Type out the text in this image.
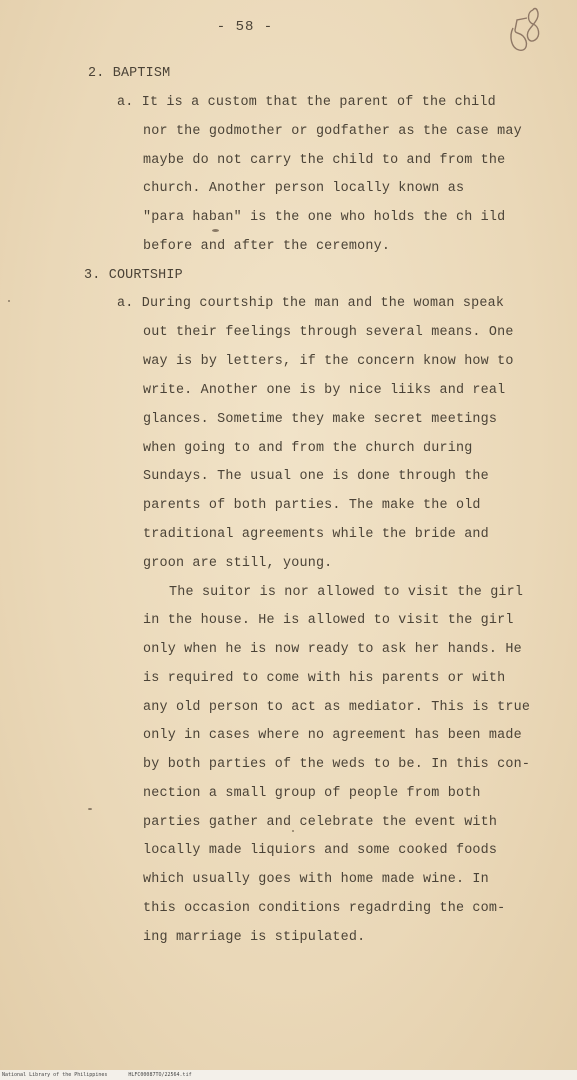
- 58 -
2. BAPTISM
a. It is a custom that the parent of the child
nor the godmother or godfather as the case may
maybe do not carry the child to and from the
church. Another person locally known as
"para haban" is the one who holds the ch ild
before and after the ceremony.
3. COURTSHIP
a. During courtship the man and the woman speak
out their feelings through several means. One
way is by letters, if the concern know how to
write. Another one is by nice liiks and real
glances. Sometime they make secret meetings
when going to and from the church during
Sundays. The usual one is done through the
parents of both parties. The make the old
traditional agreements while the bride and
groon are still, young.
The suitor is nor allowed to visit the girl
in the house. He is allowed to visit the girl
only when he is now ready to ask her hands. He
is required to come with his parents or with
any old person to act as mediator. This is true
only in cases where no agreement has been made
by both parties of the weds to be. In this con-
nection a small group of people from both
parties gather and celebrate the event with
locally made liquiors and some cooked foods
which usually goes with home made wine. In
this occasion conditions regadrding the com-
ing marriage is stipulated.
National Library of the Philippines	HLFC00087TO/22564.tif
